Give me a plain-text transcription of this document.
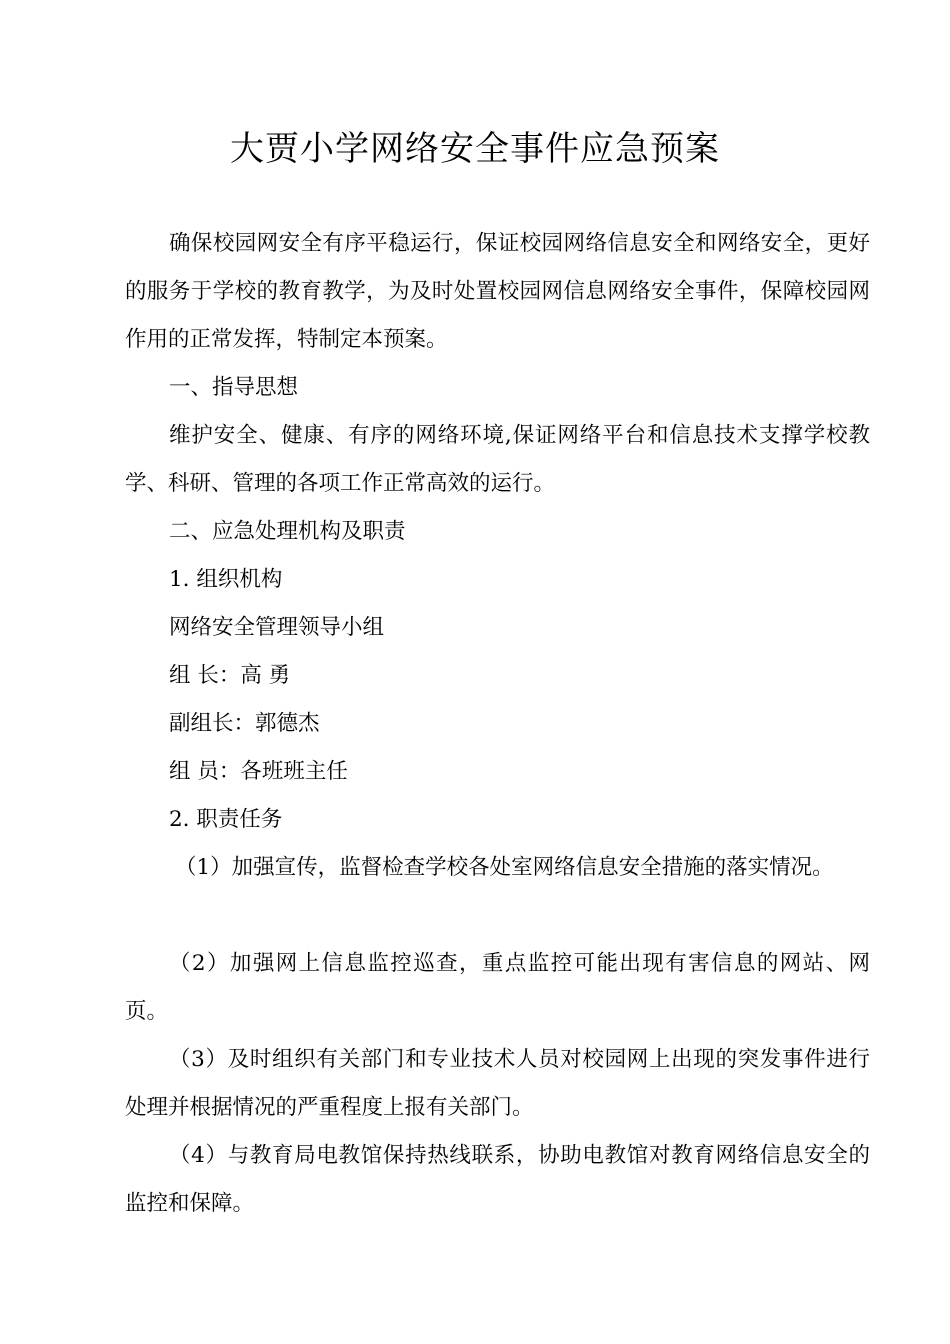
大贾小学网络安全事件应急预案

确保校园网安全有序平稳运行，保证校园网络信息安全和网络安全，更好的服务于学校的教育教学，为及时处置校园网信息网络安全事件，保障校园网作用的正常发挥，特制定本预案。

一、指导思想

维护安全、健康、有序的网络环境,保证网络平台和信息技术支撑学校教学、科研、管理的各项工作正常高效的运行。

二、应急处理机构及职责

1. 组织机构

网络安全管理领导小组

组 长：高 勇

副组长：郭德杰

组 员：各班班主任

2. 职责任务

（1）加强宣传，监督检查学校各处室网络信息安全措施的落实情况。

（2）加强网上信息监控巡查，重点监控可能出现有害信息的网站、网页。

（3）及时组织有关部门和专业技术人员对校园网上出现的突发事件进行处理并根据情况的严重程度上报有关部门。

（4）与教育局电教馆保持热线联系，协助电教馆对教育网络信息安全的监控和保障。
